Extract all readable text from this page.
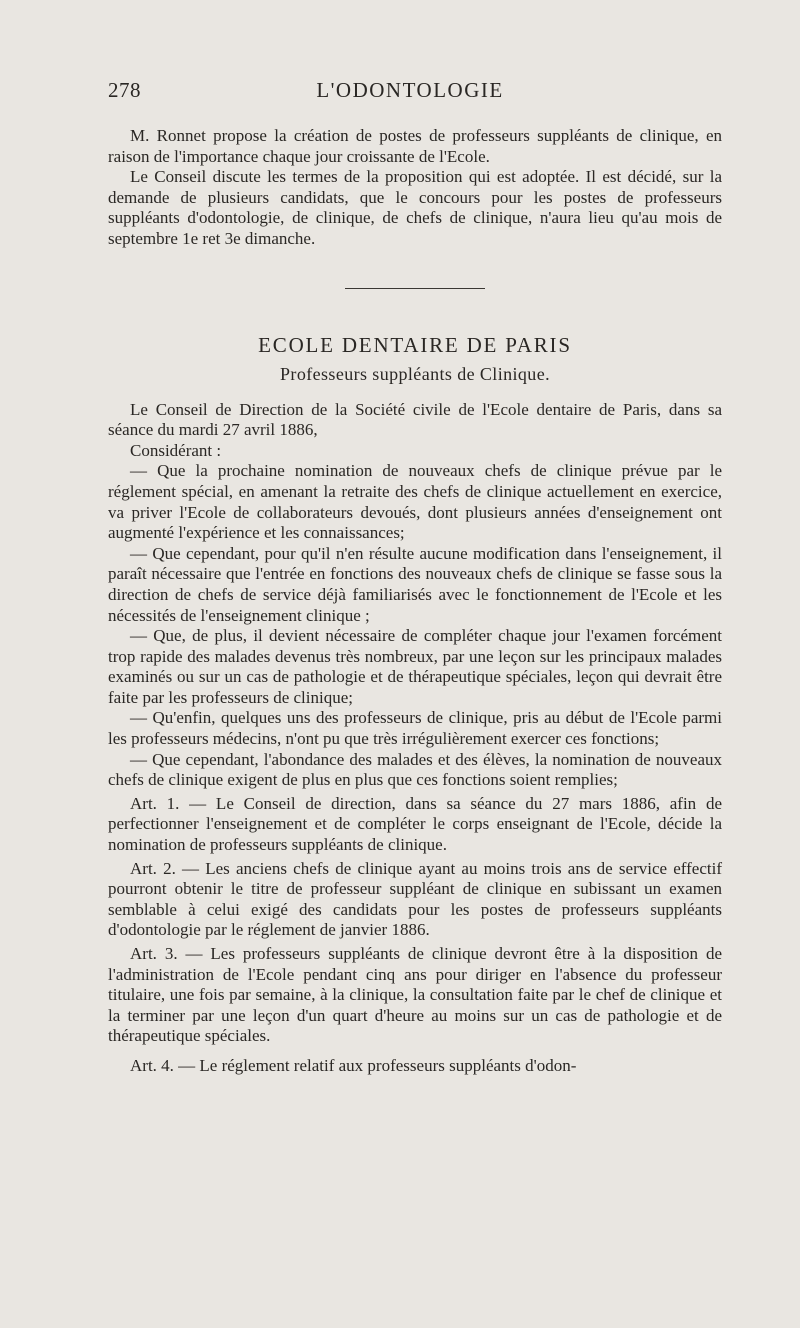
278	L'ODONTOLOGIE

M. Ronnet propose la création de postes de professeurs suppléants de clinique, en raison de l'importance chaque jour croissante de l'Ecole.

Le Conseil discute les termes de la proposition qui est adoptée. Il est décidé, sur la demande de plusieurs candidats, que le concours pour les postes de professeurs suppléants d'odontologie, de clinique, de chefs de clinique, n'aura lieu qu'au mois de septembre 1e ret 3e dimanche.

ECOLE DENTAIRE DE PARIS
Professeurs suppléants de Clinique.

Le Conseil de Direction de la Société civile de l'Ecole dentaire de Paris, dans sa séance du mardi 27 avril 1886,

Considérant :

— Que la prochaine nomination de nouveaux chefs de clinique prévue par le réglement spécial, en amenant la retraite des chefs de clinique actuellement en exercice, va priver l'Ecole de collaborateurs devoués, dont plusieurs années d'enseignement ont augmenté l'expérience et les connaissances;

— Que cependant, pour qu'il n'en résulte aucune modification dans l'enseignement, il paraît nécessaire que l'entrée en fonctions des nouveaux chefs de clinique se fasse sous la direction de chefs de service déjà familiarisés avec le fonctionnement de l'Ecole et les nécessités de l'enseignement clinique ;

— Que, de plus, il devient nécessaire de compléter chaque jour l'examen forcément trop rapide des malades devenus très nombreux, par une leçon sur les principaux malades examinés ou sur un cas de pathologie et de thérapeutique spéciales, leçon qui devrait être faite par les professeurs de clinique;

— Qu'enfin, quelques uns des professeurs de clinique, pris au début de l'Ecole parmi les professeurs médecins, n'ont pu que très irrégulièrement exercer ces fonctions;

— Que cependant, l'abondance des malades et des élèves, la nomination de nouveaux chefs de clinique exigent de plus en plus que ces fonctions soient remplies;

Art. 1. — Le Conseil de direction, dans sa séance du 27 mars 1886, afin de perfectionner l'enseignement et de compléter le corps enseignant de l'Ecole, décide la nomination de professeurs suppléants de clinique.

Art. 2. — Les anciens chefs de clinique ayant au moins trois ans de service effectif pourront obtenir le titre de professeur suppléant de clinique en subissant un examen semblable à celui exigé des candidats pour les postes de professeurs suppléants d'odontologie par le réglement de janvier 1886.

Art. 3. — Les professeurs suppléants de clinique devront être à la disposition de l'administration de l'Ecole pendant cinq ans pour diriger en l'absence du professeur titulaire, une fois par semaine, à la clinique, la consultation faite par le chef de clinique et la terminer par une leçon d'un quart d'heure au moins sur un cas de pathologie et de thérapeutique spéciales.

Art. 4. — Le réglement relatif aux professeurs suppléants d'odon-
